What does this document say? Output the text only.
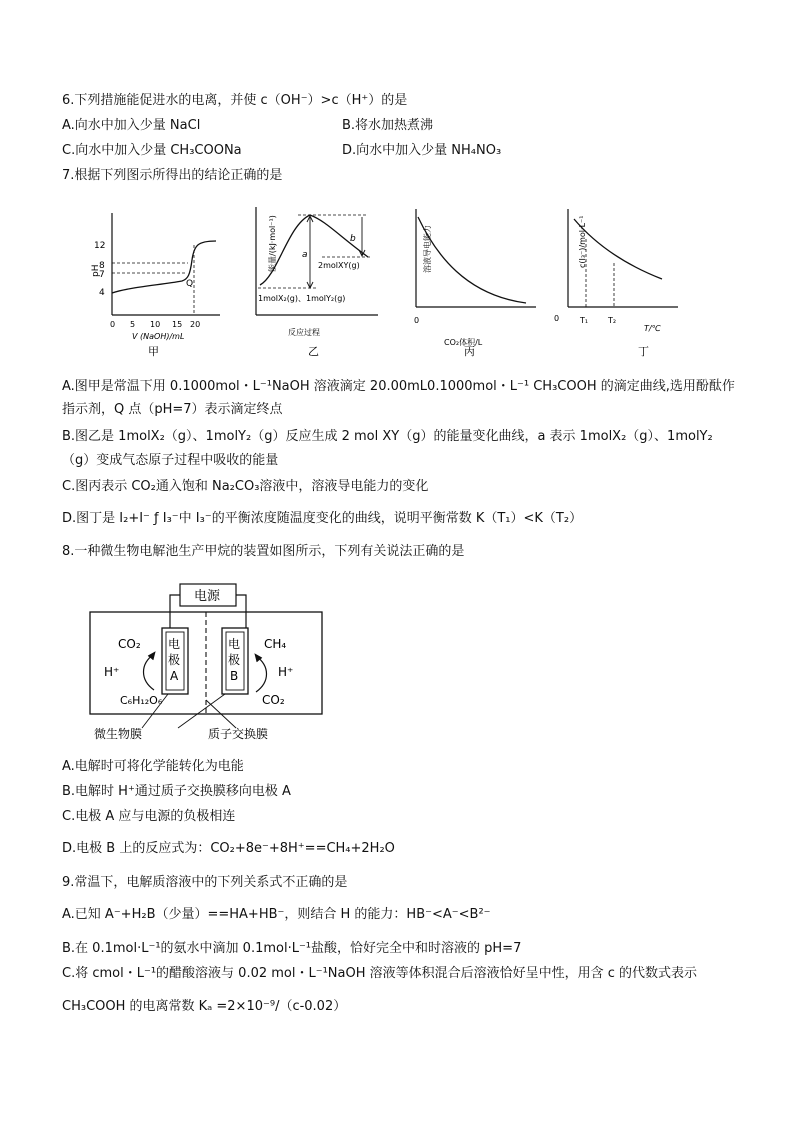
6.下列措施能促进水的电离，并使 c（OH⁻）>c（H⁺）的是
A.向水中加入少量 NaCl	B.将水加热煮沸
C.向水中加入少量 CH₃COONa	D.向水中加入少量 NH₄NO₃
7.根据下列图示所得出的结论正确的是
pH
12
8
7
4
Q
0 5 10 15 20
V (NaOH)/mL
甲
能量/(kJ·mol⁻¹)	a
b
2molXY(g)
1molX₂(g)、1molY₂(g)
反应过程
乙
溶液导电能力
0
CO₂体积/L
丙
c(I₃⁻)/mol·L⁻¹
0	T₁ T₂
T/℃
丁
A.图甲是常温下用 0.1000mol・L⁻¹NaOH 溶液滴定 20.00mL0.1000mol・L⁻¹ CH₃COOH 的滴定曲线,选用酚酞作
指示剂，Q 点（pH=7）表示滴定终点
B.图乙是 1molX₂（g）、1molY₂（g）反应生成 2 mol XY（g）的能量变化曲线，a 表示 1molX₂（g）、1molY₂
（g）变成气态原子过程中吸收的能量
C.图丙表示 CO₂通入饱和 Na₂CO₃溶液中，溶液导电能力的变化
D.图丁是 I₂+I⁻ ƒ I₃⁻中 I₃⁻的平衡浓度随温度变化的曲线，说明平衡常数 K（T₁）<K（T₂）
8.一种微生物电解池生产甲烷的装置如图所示，下列有关说法正确的是
电源
电
极
A
电
极
B
CO₂
H⁺
C₆H₁₂O₆
CH₄
H⁺
CO₂
微生物膜	质子交换膜
A.电解时可将化学能转化为电能
B.电解时 H⁺通过质子交换膜移向电极 A
C.电极 A 应与电源的负极相连
D.电极 B 上的反应式为：CO₂+8e⁻+8H⁺==CH₄+2H₂O
9.常温下，电解质溶液中的下列关系式不正确的是
A.已知 A⁻+H₂B（少量）==HA+HB⁻，则结合 H 的能力：HB⁻<A⁻<B²⁻
B.在 0.1mol·L⁻¹的氨水中滴加 0.1mol·L⁻¹盐酸，恰好完全中和时溶液的 pH=7
C.将 cmol・L⁻¹的醋酸溶液与 0.02 mol・L⁻¹NaOH 溶液等体积混合后溶液恰好呈中性，用含 c 的代数式表示
CH₃COOH 的电离常数 Kₐ =2×10⁻⁹/（c-0.02）
